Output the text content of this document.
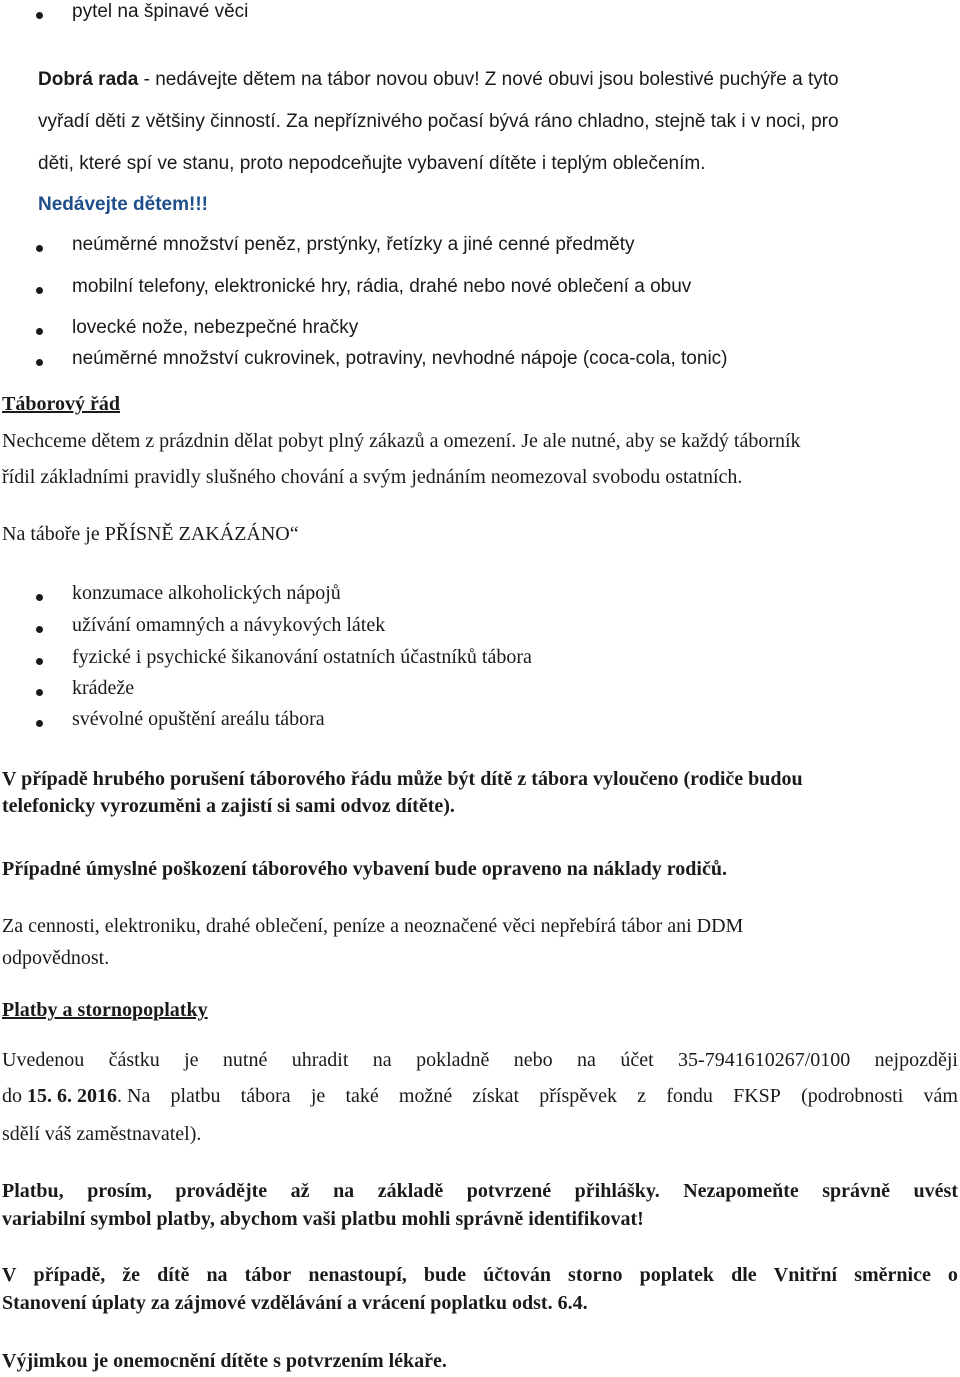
pytel na špinavé věci
Dobrá rada - nedávejte dětem na tábor novou obuv! Z nové obuvi jsou bolestivé puchýře a tyto
vyřadí děti z většiny činností. Za nepříznivého počasí bývá ráno chladno, stejně tak i v noci, pro
děti, které spí ve stanu, proto nepodceňujte vybavení dítěte i teplým oblečením.
Nedávejte dětem!!!
neúměrné množství peněz, prstýnky, řetízky a jiné cenné předměty
mobilní telefony, elektronické hry, rádia, drahé nebo nové oblečení a obuv
lovecké nože, nebezpečné hračky
neúměrné množství cukrovinek, potraviny, nevhodné nápoje (coca-cola, tonic)
Táborový řád
Nechceme dětem z prázdnin dělat pobyt plný zákazů a omezení. Je ale nutné, aby se každý táborník
řídil základními pravidly slušného chování a svým jednáním neomezoval svobodu ostatních.
Na táboře je PŘÍSNĚ ZAKÁZÁNO“
konzumace alkoholických nápojů
užívání omamných a návykových látek
fyzické i psychické šikanování ostatních účastníků tábora
krádeže
svévolné opuštění areálu tábora
V případě hrubého porušení táborového řádu může být dítě z tábora vyloučeno (rodiče budou
telefonicky vyrozuměni a zajistí si sami odvoz dítěte).
Případné úmyslné poškození táborového vybavení bude opraveno na náklady rodičů.
Za cennosti, elektroniku, drahé oblečení, peníze a neoznačené věci nepřebírá tábor ani DDM
odpovědnost.
Platby a stornopoplatky
Uvedenou částku je nutné uhradit na pokladně nebo na účet 35-7941610267/0100 nejpozději
do 15. 6. 2016 . Na platbu tábora je také možné získat příspěvek z fondu FKSP (podrobnosti vám
sdělí váš zaměstnavatel).
Platbu, prosím, provádějte až na základě potvrzené přihlášky. Nezapomeňte správně uvést
variabilní symbol platby, abychom vaši platbu mohli správně identifikovat!
V případě, že dítě na tábor nenastoupí, bude účtován storno poplatek dle Vnitřní směrnice o
Stanovení úplaty za zájmové vzdělávání a vrácení poplatku odst. 6.4.
Výjimkou je onemocnění dítěte s potvrzením lékaře.
